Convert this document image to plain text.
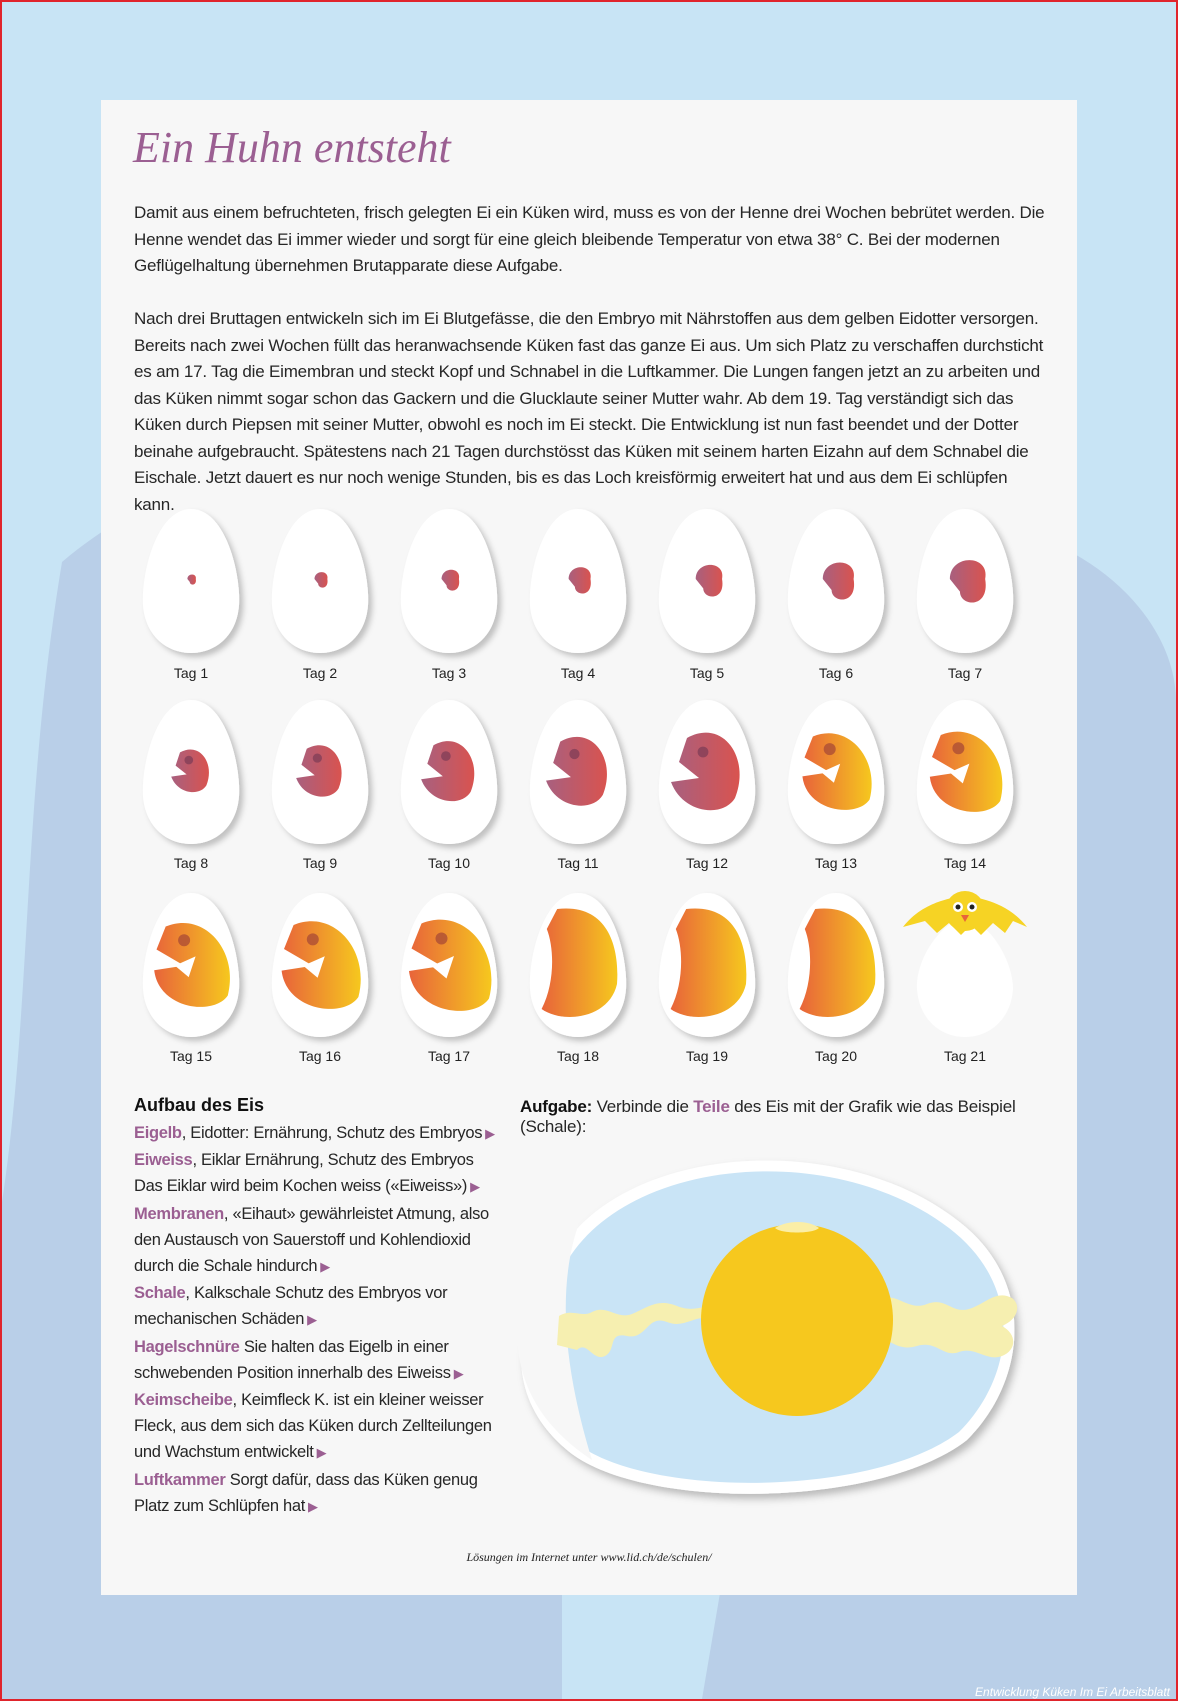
Ein Huhn entsteht

Damit aus einem befruchteten, frisch gelegten Ei ein Küken wird, muss es von der Henne drei Wochen bebrütet werden. Die Henne wendet das Ei immer wieder und sorgt für eine gleich bleibende Temperatur von etwa 38° C. Bei der modernen Geflügelhaltung übernehmen Brutapparate diese Aufgabe.

Nach drei Bruttagen entwickeln sich im Ei Blutgefässe, die den Embryo mit Nährstoffen aus dem gelben Eidotter versorgen. Bereits nach zwei Wochen füllt das heranwachsende Küken fast das ganze Ei aus. Um sich Platz zu verschaffen durchsticht es am 17. Tag die Eimembran und steckt Kopf und Schnabel in die Luftkammer. Die Lungen fangen jetzt an zu arbeiten und das Küken nimmt sogar schon das Gackern und die Glucklaute seiner Mutter wahr. Ab dem 19. Tag verständigt sich das Küken durch Piepsen mit seiner Mutter, obwohl es noch im Ei steckt. Die Entwicklung ist nun fast beendet und der Dotter beinahe aufgebraucht. Spätestens nach 21 Tagen durchstösst das Küken mit seinem harten Eizahn auf dem Schnabel die Eischale. Jetzt dauert es nur noch wenige Stunden, bis es das Loch kreisförmig erweitert hat und aus dem Ei schlüpfen kann.

Tag 1	Tag 2	Tag 3	Tag 4	Tag 5	Tag 6	Tag 7
Tag 8	Tag 9	Tag 10	Tag 11	Tag 12	Tag 13	Tag 14
Tag 15	Tag 16	Tag 17	Tag 18	Tag 19	Tag 20	Tag 21
Aufbau des Eis
Eigelb, Eidotter: Ernährung, Schutz des Embryos ▶
Eiweiss, Eiklar Ernährung, Schutz des Embryos Das Eiklar wird beim Kochen weiss («Eiweiss») ▶
Membranen, «Eihaut» gewährleistet Atmung, also den Austausch von Sauerstoff und Kohlendioxid durch die Schale hindurch ▶
Schale, Kalkschale Schutz des Embryos vor mechanischen Schäden ▶
Hagelschnüre Sie halten das Eigelb in einer schwebenden Position innerhalb des Eiweiss ▶
Keimscheibe, Keimfleck K. ist ein kleiner weisser Fleck, aus dem sich das Küken durch Zellteilungen und Wachstum entwickelt ▶
Luftkammer Sorgt dafür, dass das Küken genug Platz zum Schlüpfen hat ▶
Aufgabe: Verbinde die Teile des Eis mit der Grafik wie das Beispiel (Schale):
Lösungen im Internet unter www.lid.ch/de/schulen/
Entwicklung Küken Im Ei Arbeitsblatt
